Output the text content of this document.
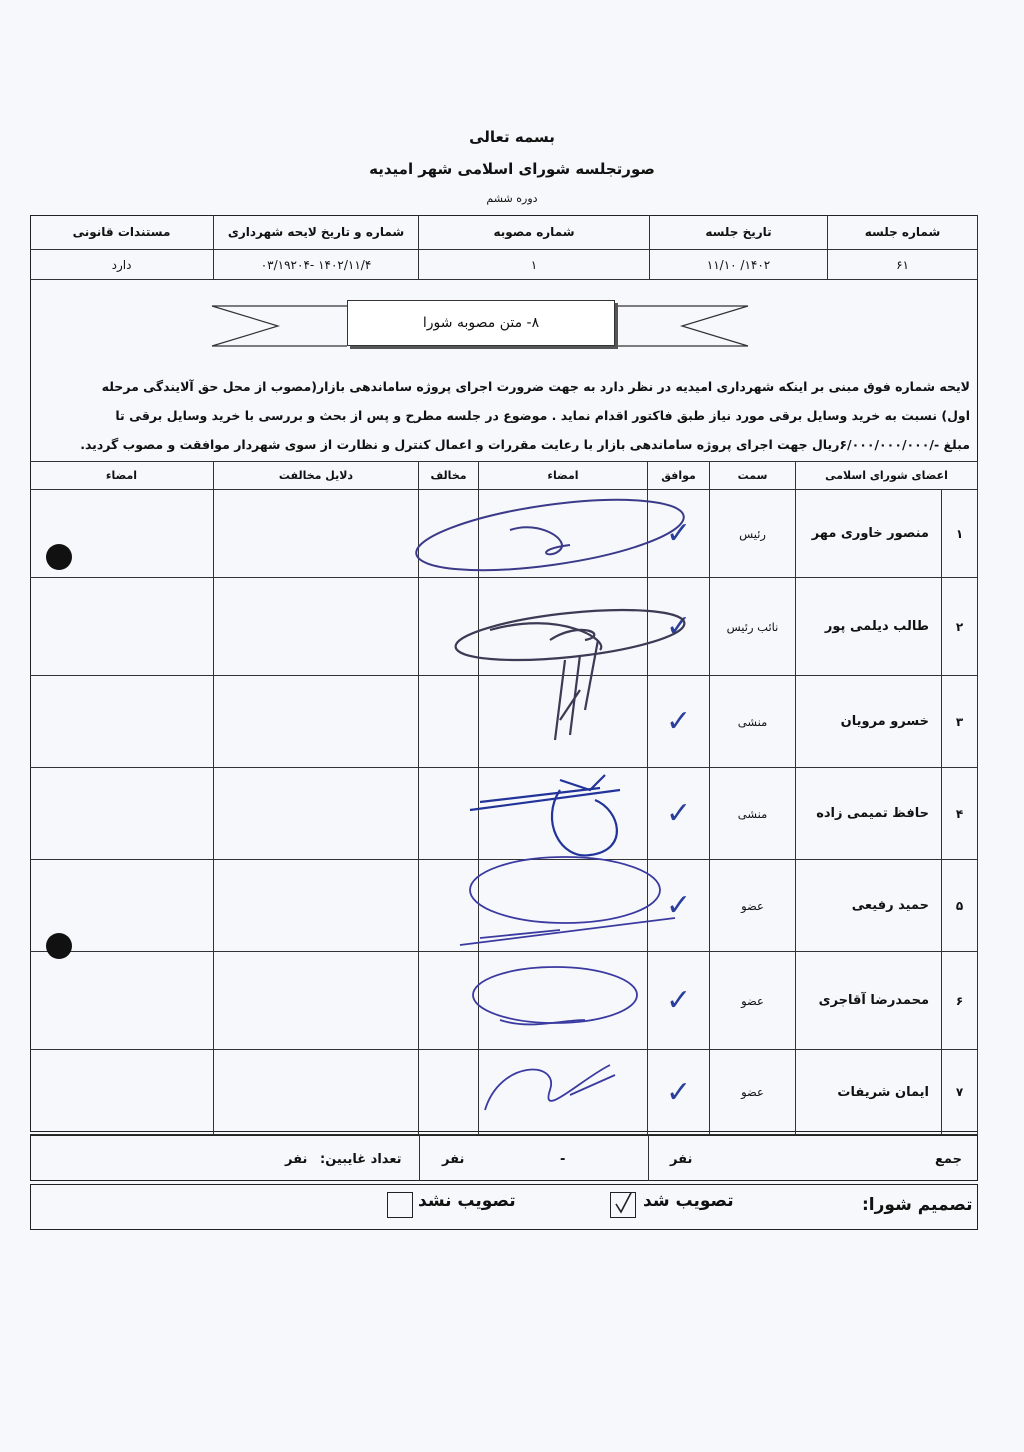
بسمه تعالی
صورتجلسه شورای اسلامی شهر امیدیه
دوره ششم
شماره جلسه
تاریخ جلسه
شماره مصوبه
شماره و تاریخ لایحه شهرداری
مستندات قانونی
۶۱
۱۴۰۲/ ۱۱/۱۰
۱
۱۴۰۲/۱۱/۴ -۰۳/۱۹۲۰۴
دارد
۸- متن مصوبه شورا
لایحه شماره فوق مبنی بر اینکه شهرداری امیدیه در نظر دارد به جهت ضرورت اجرای پروژه ساماندهی بازار(مصوب از محل حق آلایندگی مرحله
اول) نسبت به خرید وسایل برقی مورد نیاز طبق فاکتور اقدام نماید . موضوع در جلسه مطرح و پس از بحث و بررسی با خرید وسایل برقی تا
مبلغ -/۶/۰۰۰/۰۰۰/۰۰۰ریال جهت اجرای پروژه ساماندهی بازار با رعایت مقررات و اعمال کنترل و نظارت از سوی شهردار موافقت و مصوب گردید.
اعضای شورای اسلامی
سمت
موافق
امضاء
مخالف
دلایل مخالفت
امضاء
۱
منصور خاوری مهر
رئیس
✓
۲
طالب دیلمی پور
نائب رئیس
✓
۳
خسرو مرویان
منشی
✓
۴
حافظ تمیمی زاده
منشی
✓
۵
حمید رفیعی
عضو
✓
۶
محمدرضا آقاجری
عضو
✓
۷
ایمان شریفات
عضو
✓
جمع
نفر
-
نفر
تعداد غایبین:
نفر
تصمیم شورا:
تصویب شد
تصویب نشد
